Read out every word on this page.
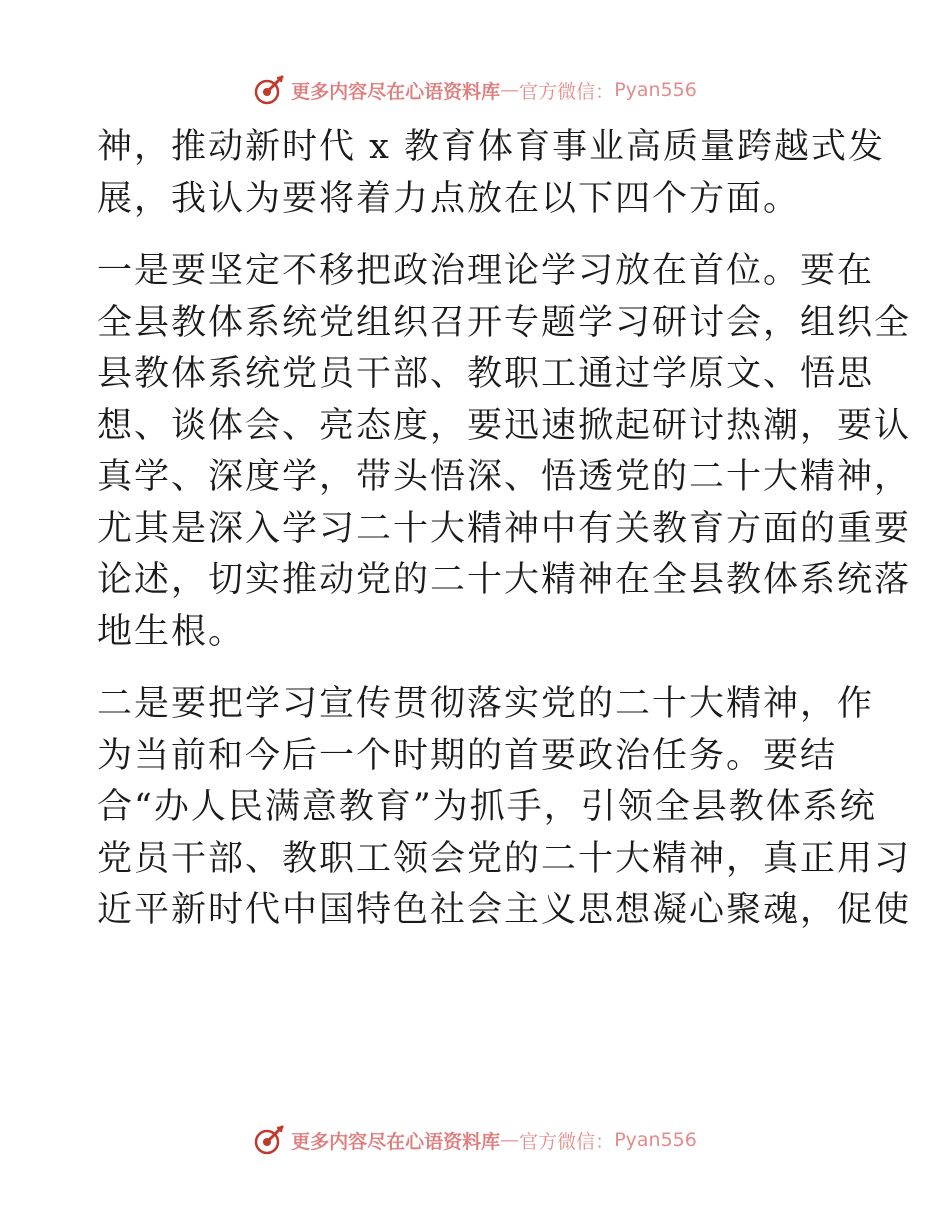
更多内容尽在心语资料库 — 官方微信： Pyan556
神，推动新时代 x 教育体育事业高质量跨越式发
展，我认为要将着力点放在以下四个方面。
一是要坚定不移把政治理论学习放在首位。要在
全县教体系统党组织召开专题学习研讨会，组织全
县教体系统党员干部、教职工通过学原文、悟思
想、谈体会、亮态度，要迅速掀起研讨热潮，要认
真学、深度学，带头悟深、悟透党的二十大精神，
尤其是深入学习二十大精神中有关教育方面的重要
论述，切实推动党的二十大精神在全县教体系统落
地生根。
二是要把学习宣传贯彻落实党的二十大精神，作
为当前和今后一个时期的首要政治任务。要结
合“办人民满意教育”为抓手，引领全县教体系统
党员干部、教职工领会党的二十大精神，真正用习
近平新时代中国特色社会主义思想凝心聚魂，促使
更多内容尽在心语资料库 — 官方微信： Pyan556
